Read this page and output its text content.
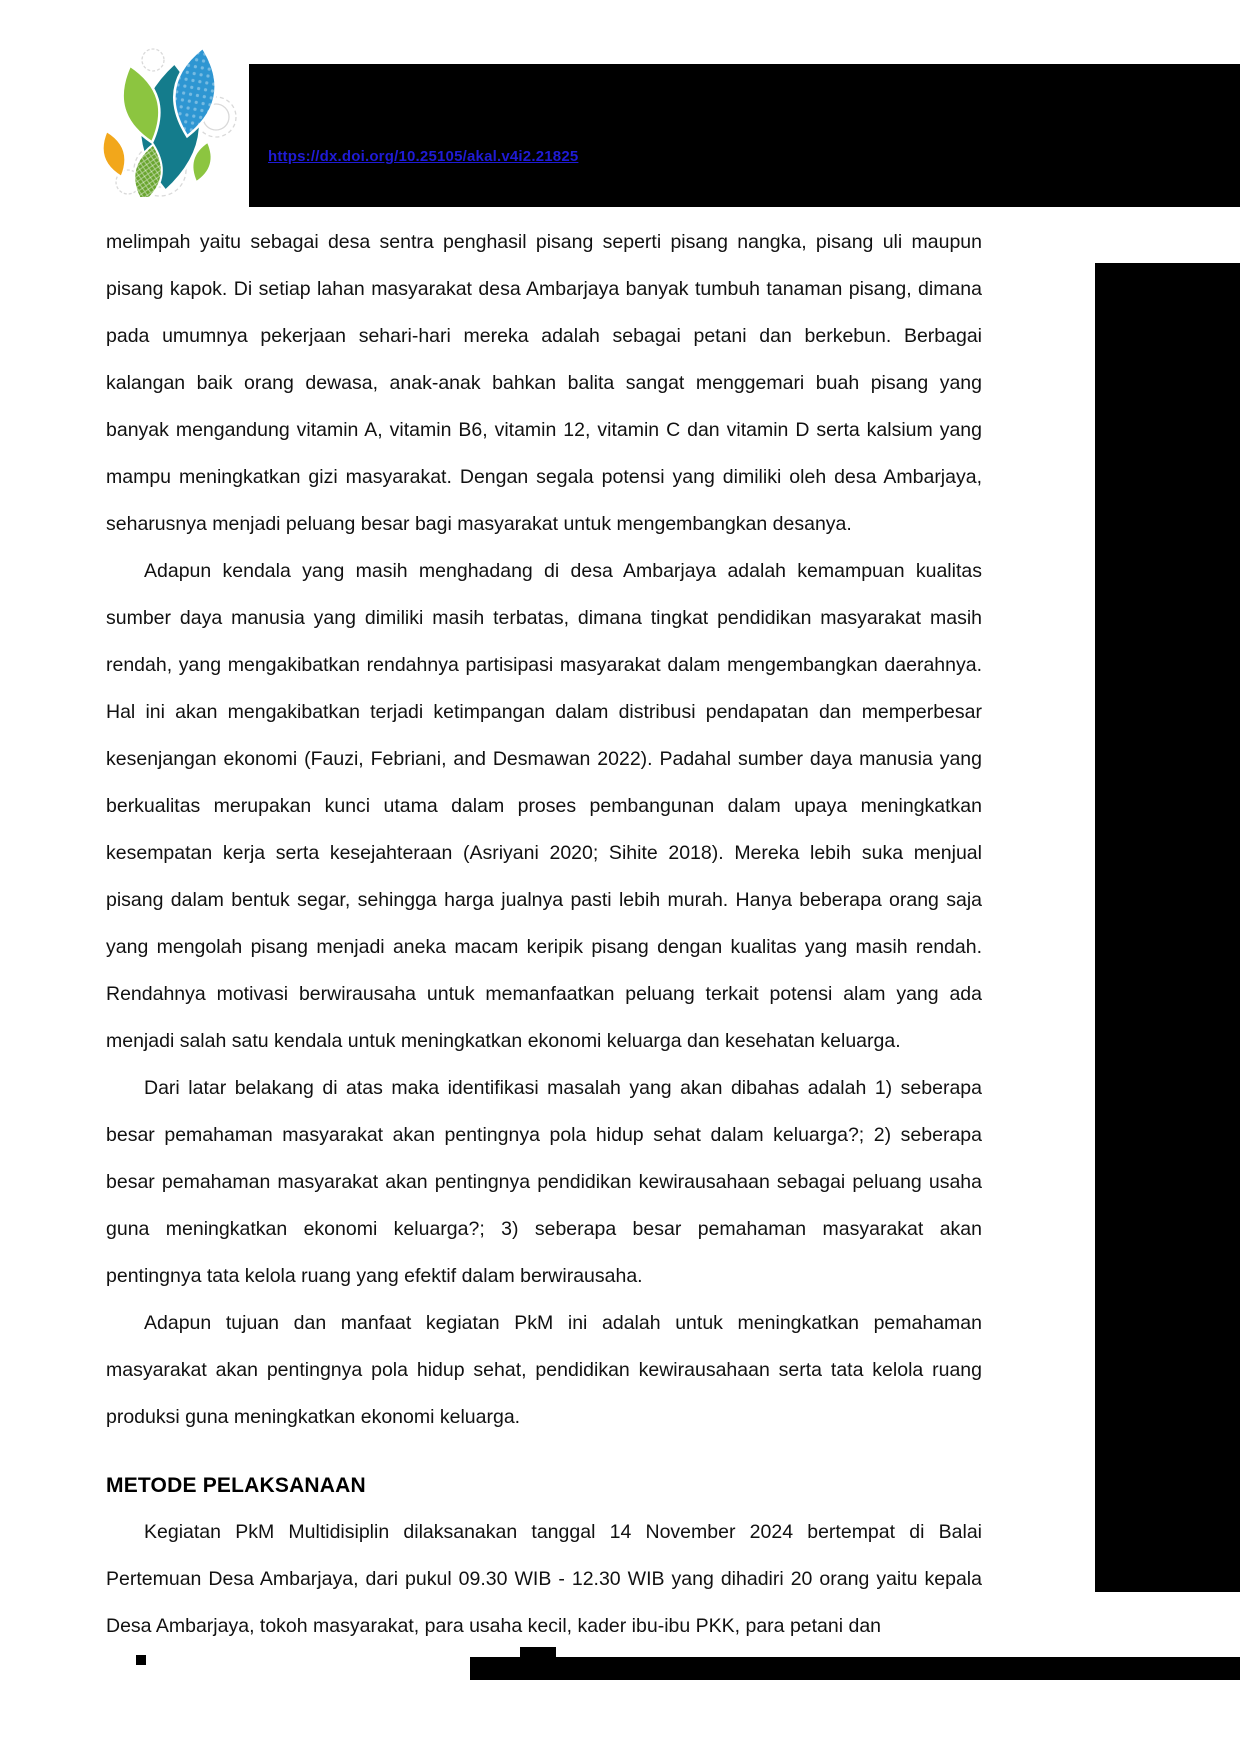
https://dx.doi.org/10.25105/akal.v4i2.21825

melimpah yaitu sebagai desa sentra penghasil pisang seperti pisang nangka, pisang uli maupun pisang kapok. Di setiap lahan masyarakat desa Ambarjaya banyak tumbuh tanaman pisang, dimana pada umumnya pekerjaan sehari-hari mereka adalah sebagai petani dan berkebun. Berbagai kalangan baik orang dewasa, anak-anak bahkan balita sangat menggemari buah pisang yang banyak mengandung vitamin A, vitamin B6, vitamin 12, vitamin C dan vitamin D serta kalsium yang mampu meningkatkan gizi masyarakat. Dengan segala potensi yang dimiliki oleh desa Ambarjaya, seharusnya menjadi peluang besar bagi masyarakat untuk mengembangkan desanya.

Adapun kendala yang masih menghadang di desa Ambarjaya adalah kemampuan kualitas sumber daya manusia yang dimiliki masih terbatas, dimana tingkat pendidikan masyarakat masih rendah, yang mengakibatkan rendahnya partisipasi masyarakat dalam mengembangkan daerahnya. Hal ini akan mengakibatkan terjadi ketimpangan dalam distribusi pendapatan dan memperbesar kesenjangan ekonomi (Fauzi, Febriani, and Desmawan 2022). Padahal sumber daya manusia yang berkualitas merupakan kunci utama dalam proses pembangunan dalam upaya meningkatkan kesempatan kerja serta kesejahteraan (Asriyani 2020; Sihite 2018). Mereka lebih suka menjual pisang dalam bentuk segar, sehingga harga jualnya pasti lebih murah. Hanya beberapa orang saja yang mengolah pisang menjadi aneka macam keripik pisang dengan kualitas yang masih rendah. Rendahnya motivasi berwirausaha untuk memanfaatkan peluang terkait potensi alam yang ada menjadi salah satu kendala untuk meningkatkan ekonomi keluarga dan kesehatan keluarga.

Dari latar belakang di atas maka identifikasi masalah yang akan dibahas adalah 1) seberapa besar pemahaman masyarakat akan pentingnya pola hidup sehat dalam keluarga?; 2) seberapa besar pemahaman masyarakat akan pentingnya pendidikan kewirausahaan sebagai peluang usaha guna meningkatkan ekonomi keluarga?; 3) seberapa besar pemahaman masyarakat akan pentingnya tata kelola ruang yang efektif dalam berwirausaha.

Adapun tujuan dan manfaat kegiatan PkM ini adalah untuk meningkatkan pemahaman masyarakat akan pentingnya pola hidup sehat, pendidikan kewirausahaan serta tata kelola ruang produksi guna meningkatkan ekonomi keluarga.

METODE PELAKSANAAN

Kegiatan PkM Multidisiplin dilaksanakan tanggal 14 November 2024 bertempat di Balai Pertemuan Desa Ambarjaya, dari pukul 09.30 WIB - 12.30 WIB yang dihadiri 20 orang yaitu kepala Desa Ambarjaya, tokoh masyarakat, para usaha kecil, kader ibu-ibu PKK, para petani dan
